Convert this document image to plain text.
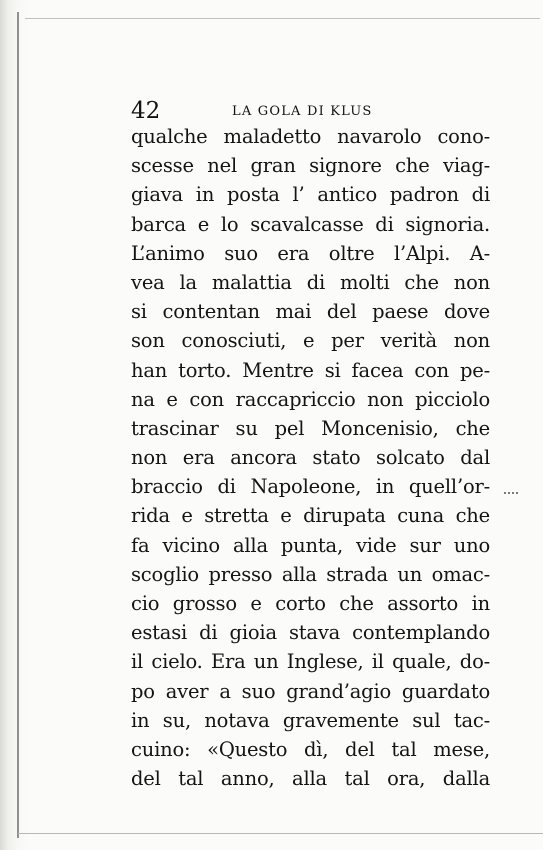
42	LA GOLA DI KLUS
qualche maladetto navarolo cono-
scesse nel gran signore che viag-
giava in posta l’ antico padron di
barca e lo scavalcasse di signoria.
L’animo suo era oltre l’Alpi. A-
vea la malattia di molti che non
si contentan mai del paese dove
son conosciuti, e per verità non
han torto. Mentre si facea con pe-
na e con raccapriccio non picciolo
trascinar su pel Moncenisio, che
non era ancora stato solcato dal
braccio di Napoleone, in quell’or-
rida e stretta e dirupata cuna che
fa vicino alla punta, vide sur uno
scoglio presso alla strada un omac-
cio grosso e corto che assorto in
estasi di gioia stava contemplando
il cielo. Era un Inglese, il quale, do-
po aver a suo grand’agio guardato
in su, notava gravemente sul tac-
cuino: «Questo dì, del tal mese,
del tal anno, alla tal ora, dalla
